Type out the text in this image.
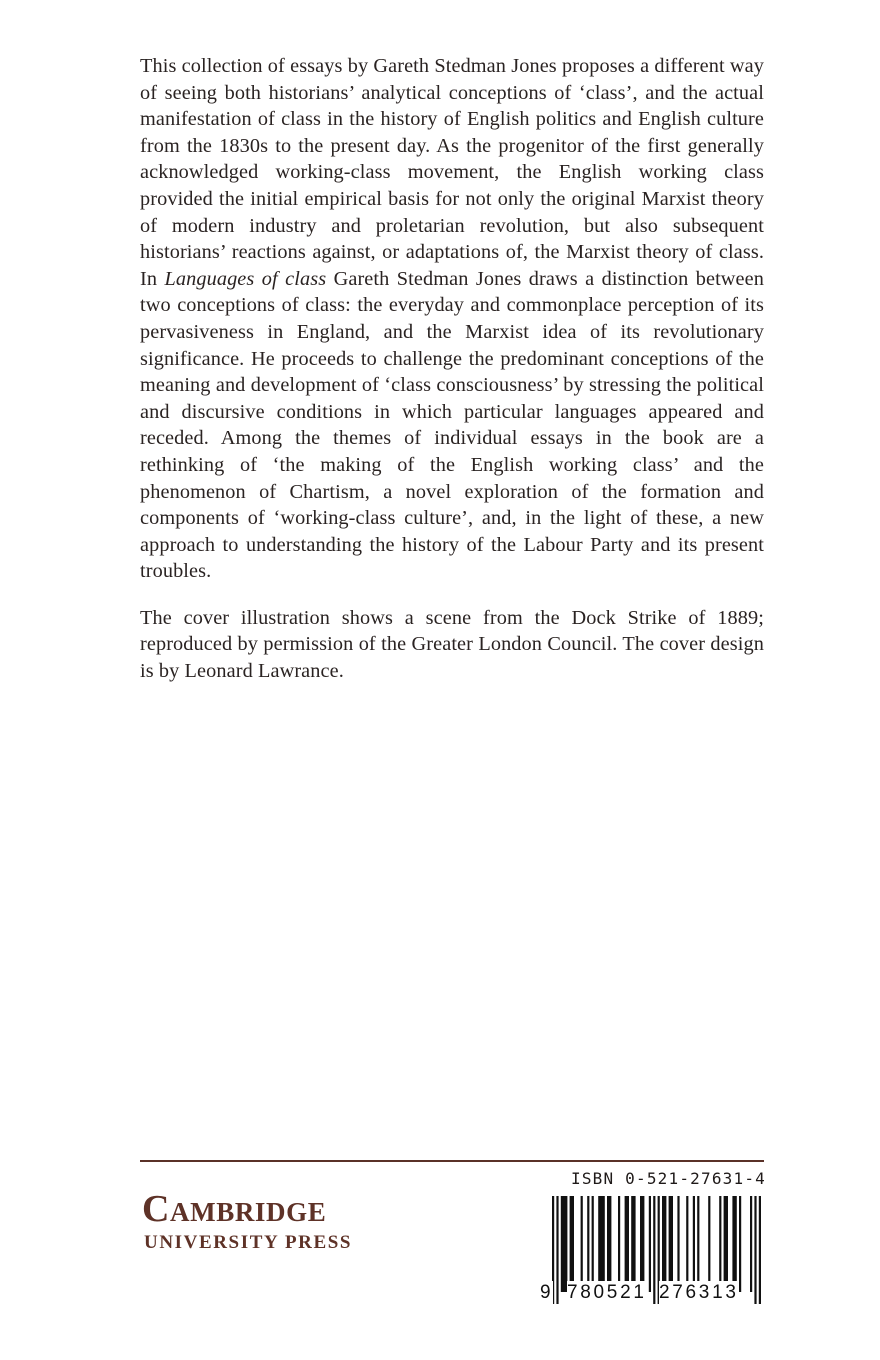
This collection of essays by Gareth Stedman Jones proposes a different way of seeing both historians’ analytical conceptions of ‘class’, and the actual manifestation of class in the history of English politics and English culture from the 1830s to the present day. As the progenitor of the first generally acknowledged working-class movement, the English working class provided the initial empirical basis for not only the original Marxist theory of modern industry and proletarian revolution, but also subsequent historians’ reactions against, or adaptations of, the Marxist theory of class. In Languages of class Gareth Stedman Jones draws a distinction between two conceptions of class: the everyday and commonplace perception of its pervasiveness in England, and the Marxist idea of its revolutionary significance. He proceeds to challenge the predominant conceptions of the meaning and development of ‘class consciousness’ by stressing the political and discursive conditions in which particular languages appeared and receded. Among the themes of individual essays in the book are a rethinking of ‘the making of the English working class’ and the phenomenon of Chartism, a novel exploration of the formation and components of ‘working-class culture’, and, in the light of these, a new approach to understanding the history of the Labour Party and its present troubles.

The cover illustration shows a scene from the Dock Strike of 1889; reproduced by permission of the Greater London Council. The cover design is by Leonard Lawrance.

Cambridge
UNIVERSITY PRESS
ISBN 0-521-27631-4
9 780521 276313
